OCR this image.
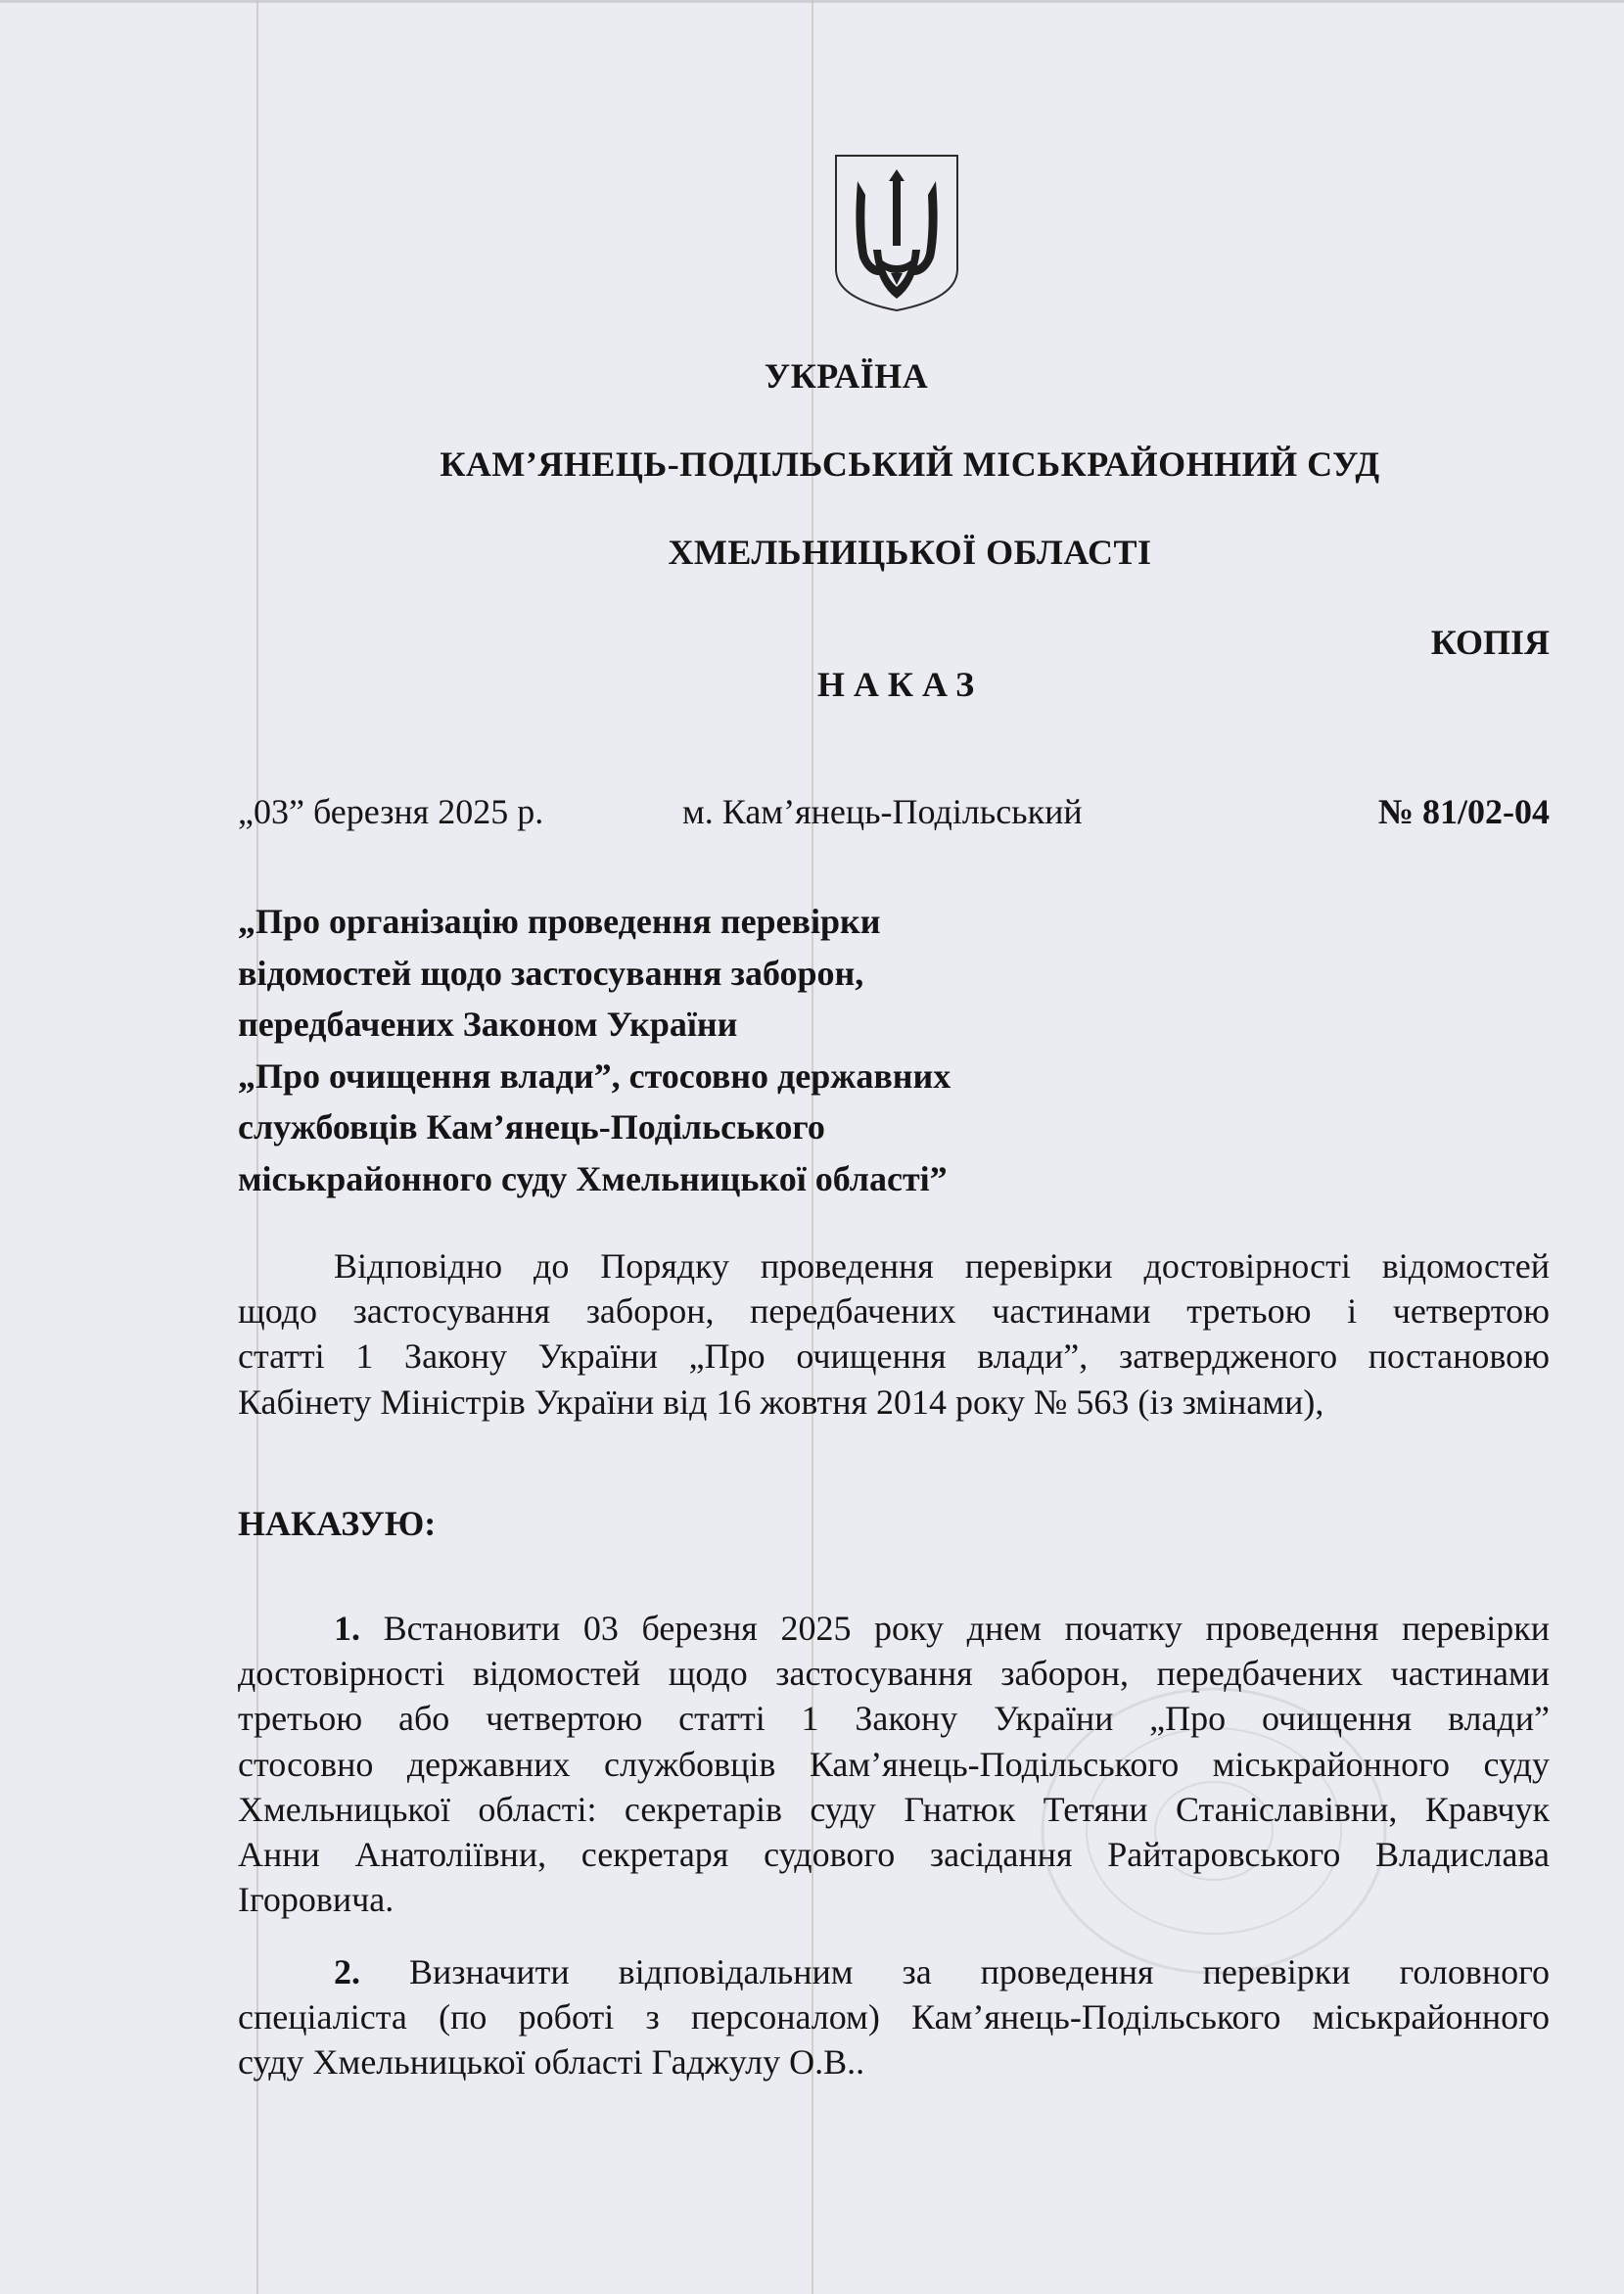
УКРАЇНА
КАМ’ЯНЕЦЬ-ПОДІЛЬСЬКИЙ МІСЬКРАЙОННИЙ СУД
ХМЕЛЬНИЦЬКОЇ ОБЛАСТІ
КОПІЯ
НАКАЗ
„03” березня 2025 р.	м. Кам’янець-Подільський	№ 81/02-04
„Про організацію проведення перевірки
відомостей щодо застосування заборон,
передбачених Законом України
„Про очищення влади”, стосовно державних
службовців Кам’янець-Подільського
міськрайонного суду Хмельницької області”
Відповідно до Порядку проведення перевірки достовірності відомостей
щодо застосування заборон, передбачених частинами третьою і четвертою
статті 1 Закону України „Про очищення влади”, затвердженого постановою
Кабінету Міністрів України від 16 жовтня 2014 року № 563 (із змінами),
НАКАЗУЮ:
1. Встановити 03 березня 2025 року днем початку проведення перевірки
достовірності відомостей щодо застосування заборон, передбачених частинами
третьою або четвертою статті 1 Закону України „Про очищення влади”
стосовно державних службовців Кам’янець-Подільського міськрайонного суду
Хмельницької області: секретарів суду Гнатюк Тетяни Станіславівни, Кравчук
Анни Анатоліївни, секретаря судового засідання Райтаровського Владислава
Ігоровича.
2. Визначити відповідальним за проведення перевірки головного
спеціаліста (по роботі з персоналом) Кам’янець-Подільського міськрайонного
суду Хмельницької області Гаджулу О.В..
